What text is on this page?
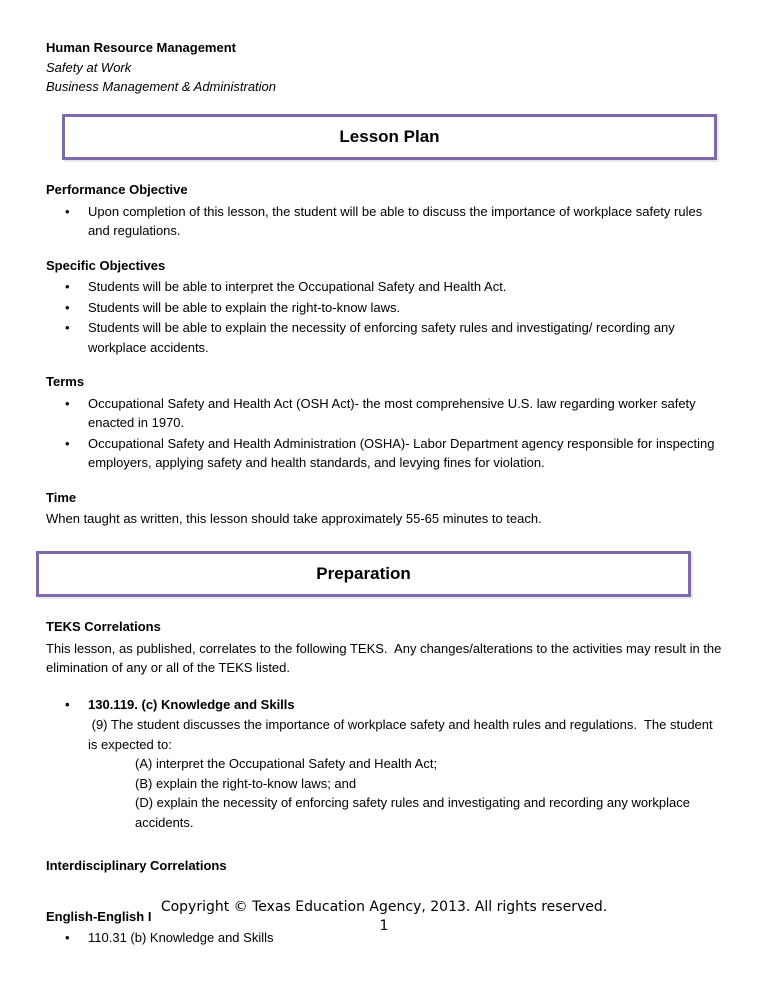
Human Resource Management
Safety at Work
Business Management & Administration
Lesson Plan
Performance Objective
• Upon completion of this lesson, the student will be able to discuss the importance of workplace safety rules and regulations.
Specific Objectives
• Students will be able to interpret the Occupational Safety and Health Act.
• Students will be able to explain the right-to-know laws.
• Students will be able to explain the necessity of enforcing safety rules and investigating/ recording any workplace accidents.
Terms
• Occupational Safety and Health Act (OSH Act)- the most comprehensive U.S. law regarding worker safety enacted in 1970.
• Occupational Safety and Health Administration (OSHA)- Labor Department agency responsible for inspecting employers, applying safety and health standards, and levying fines for violation.
Time
When taught as written, this lesson should take approximately 55-65 minutes to teach.
Preparation
TEKS Correlations
This lesson, as published, correlates to the following TEKS.  Any changes/alterations to the activities may result in the elimination of any or all of the TEKS listed.
• 130.119. (c) Knowledge and Skills
(9) The student discusses the importance of workplace safety and health rules and regulations.  The student is expected to:
(A) interpret the Occupational Safety and Health Act;
(B) explain the right-to-know laws; and
(D) explain the necessity of enforcing safety rules and investigating and recording any workplace accidents.
Interdisciplinary Correlations
English-English I
• 110.31 (b) Knowledge and Skills
Copyright © Texas Education Agency, 2013. All rights reserved.
1
